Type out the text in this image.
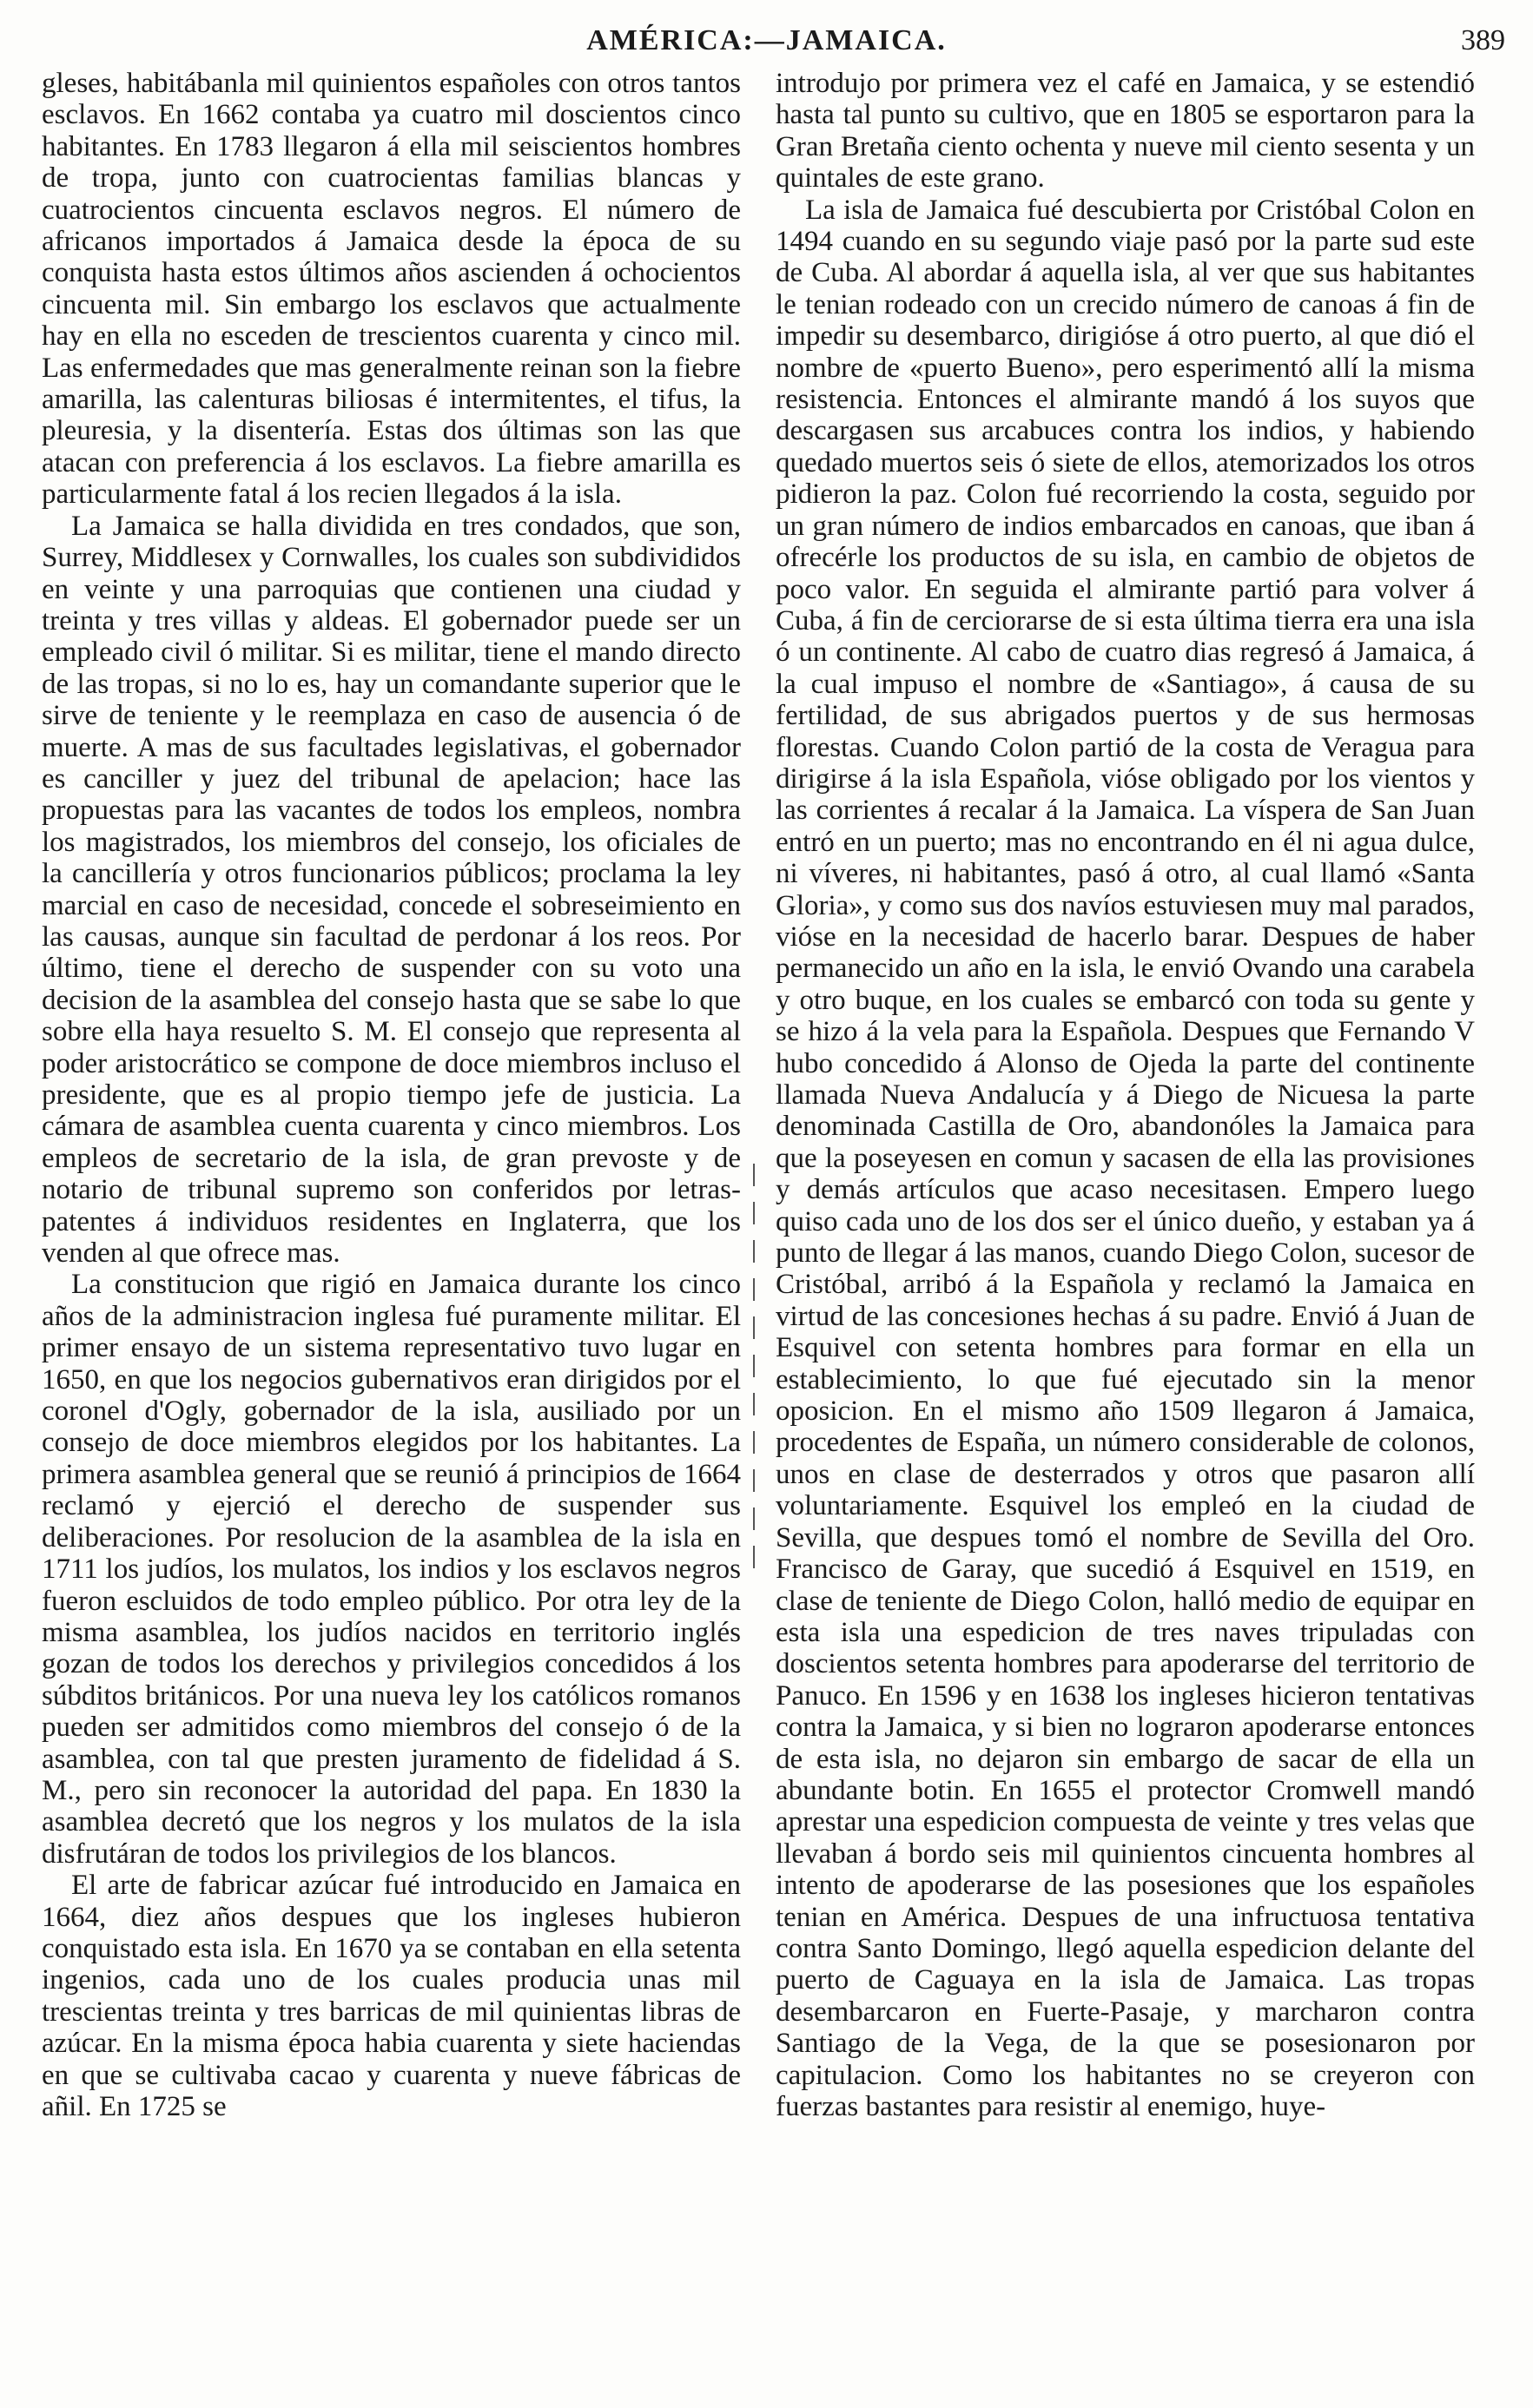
AMÉRICA:—JAMAICA.	389

gleses, habitábanla mil quinientos españoles con otros tantos esclavos. En 1662 contaba ya cuatro mil doscientos cinco habitantes. En 1783 llegaron á ella mil seiscientos hombres de tropa, junto con cuatrocientas familias blancas y cuatrocientos cincuenta esclavos negros. El número de africanos importados á Jamaica desde la época de su conquista hasta estos últimos años ascienden á ochocientos cincuenta mil. Sin embargo los esclavos que actualmente hay en ella no esceden de trescientos cuarenta y cinco mil. Las enfermedades que mas generalmente reinan son la fiebre amarilla, las calenturas biliosas é intermitentes, el tifus, la pleuresia, y la disentería. Estas dos últimas son las que atacan con preferencia á los esclavos. La fiebre amarilla es particularmente fatal á los recien llegados á la isla.

La Jamaica se halla dividida en tres condados, que son, Surrey, Middlesex y Cornwalles, los cuales son subdivididos en veinte y una parroquias que contienen una ciudad y treinta y tres villas y aldeas. El gobernador puede ser un empleado civil ó militar. Si es militar, tiene el mando directo de las tropas, si no lo es, hay un comandante superior que le sirve de teniente y le reemplaza en caso de ausencia ó de muerte. A mas de sus facultades legislativas, el gobernador es canciller y juez del tribunal de apelacion; hace las propuestas para las vacantes de todos los empleos, nombra los magistrados, los miembros del consejo, los oficiales de la cancillería y otros funcionarios públicos; proclama la ley marcial en caso de necesidad, concede el sobreseimiento en las causas, aunque sin facultad de perdonar á los reos. Por último, tiene el derecho de suspender con su voto una decision de la asamblea del consejo hasta que se sabe lo que sobre ella haya resuelto S. M. El consejo que representa al poder aristocrático se compone de doce miembros incluso el presidente, que es al propio tiempo jefe de justicia. La cámara de asamblea cuenta cuarenta y cinco miembros. Los empleos de secretario de la isla, de gran prevoste y de notario de tribunal supremo son conferidos por letras-patentes á individuos residentes en Inglaterra, que los venden al que ofrece mas.

La constitucion que rigió en Jamaica durante los cinco años de la administracion inglesa fué puramente militar. El primer ensayo de un sistema representativo tuvo lugar en 1650, en que los negocios gubernativos eran dirigidos por el coronel d'Ogly, gobernador de la isla, ausiliado por un consejo de doce miembros elegidos por los habitantes. La primera asamblea general que se reunió á principios de 1664 reclamó y ejerció el derecho de suspender sus deliberaciones. Por resolucion de la asamblea de la isla en 1711 los judíos, los mulatos, los indios y los esclavos negros fueron escluidos de todo empleo público. Por otra ley de la misma asamblea, los judíos nacidos en territorio inglés gozan de todos los derechos y privilegios concedidos á los súbditos británicos. Por una nueva ley los católicos romanos pueden ser admitidos como miembros del consejo ó de la asamblea, con tal que presten juramento de fidelidad á S. M., pero sin reconocer la autoridad del papa. En 1830 la asamblea decretó que los negros y los mulatos de la isla disfrutáran de todos los privilegios de los blancos.

El arte de fabricar azúcar fué introducido en Jamaica en 1664, diez años despues que los ingleses hubieron conquistado esta isla. En 1670 ya se contaban en ella setenta ingenios, cada uno de los cuales producia unas mil trescientas treinta y tres barricas de mil quinientas libras de azúcar. En la misma época habia cuarenta y siete haciendas en que se cultivaba cacao y cuarenta y nueve fábricas de añil. En 1725 se

introdujo por primera vez el café en Jamaica, y se estendió hasta tal punto su cultivo, que en 1805 se esportaron para la Gran Bretaña ciento ochenta y nueve mil ciento sesenta y un quintales de este grano.

La isla de Jamaica fué descubierta por Cristóbal Colon en 1494 cuando en su segundo viaje pasó por la parte sud este de Cuba. Al abordar á aquella isla, al ver que sus habitantes le tenian rodeado con un crecido número de canoas á fin de impedir su desembarco, dirigióse á otro puerto, al que dió el nombre de «puerto Bueno», pero esperimentó allí la misma resistencia. Entonces el almirante mandó á los suyos que descargasen sus arcabuces contra los indios, y habiendo quedado muertos seis ó siete de ellos, atemorizados los otros pidieron la paz. Colon fué recorriendo la costa, seguido por un gran número de indios embarcados en canoas, que iban á ofrecérle los productos de su isla, en cambio de objetos de poco valor. En seguida el almirante partió para volver á Cuba, á fin de cerciorarse de si esta última tierra era una isla ó un continente. Al cabo de cuatro dias regresó á Jamaica, á la cual impuso el nombre de «Santiago», á causa de su fertilidad, de sus abrigados puertos y de sus hermosas florestas. Cuando Colon partió de la costa de Veragua para dirigirse á la isla Española, vióse obligado por los vientos y las corrientes á recalar á la Jamaica. La víspera de San Juan entró en un puerto; mas no encontrando en él ni agua dulce, ni víveres, ni habitantes, pasó á otro, al cual llamó «Santa Gloria», y como sus dos navíos estuviesen muy mal parados, vióse en la necesidad de hacerlo barar. Despues de haber permanecido un año en la isla, le envió Ovando una carabela y otro buque, en los cuales se embarcó con toda su gente y se hizo á la vela para la Española. Despues que Fernando V hubo concedido á Alonso de Ojeda la parte del continente llamada Nueva Andalucía y á Diego de Nicuesa la parte denominada Castilla de Oro, abandonóles la Jamaica para que la poseyesen en comun y sacasen de ella las provisiones y demás artículos que acaso necesitasen. Empero luego quiso cada uno de los dos ser el único dueño, y estaban ya á punto de llegar á las manos, cuando Diego Colon, sucesor de Cristóbal, arribó á la Española y reclamó la Jamaica en virtud de las concesiones hechas á su padre. Envió á Juan de Esquivel con setenta hombres para formar en ella un establecimiento, lo que fué ejecutado sin la menor oposicion. En el mismo año 1509 llegaron á Jamaica, procedentes de España, un número considerable de colonos, unos en clase de desterrados y otros que pasaron allí voluntariamente. Esquivel los empleó en la ciudad de Sevilla, que despues tomó el nombre de Sevilla del Oro. Francisco de Garay, que sucedió á Esquivel en 1519, en clase de teniente de Diego Colon, halló medio de equipar en esta isla una espedicion de tres naves tripuladas con doscientos setenta hombres para apoderarse del territorio de Panuco. En 1596 y en 1638 los ingleses hicieron tentativas contra la Jamaica, y si bien no lograron apoderarse entonces de esta isla, no dejaron sin embargo de sacar de ella un abundante botin. En 1655 el protector Cromwell mandó aprestar una espedicion compuesta de veinte y tres velas que llevaban á bordo seis mil quinientos cincuenta hombres al intento de apoderarse de las posesiones que los españoles tenian en América. Despues de una infructuosa tentativa contra Santo Domingo, llegó aquella espedicion delante del puerto de Caguaya en la isla de Jamaica. Las tropas desembarcaron en Fuerte-Pasaje, y marcharon contra Santiago de la Vega, de la que se posesionaron por capitulacion. Como los habitantes no se creyeron con fuerzas bastantes para resistir al enemigo, huye-
